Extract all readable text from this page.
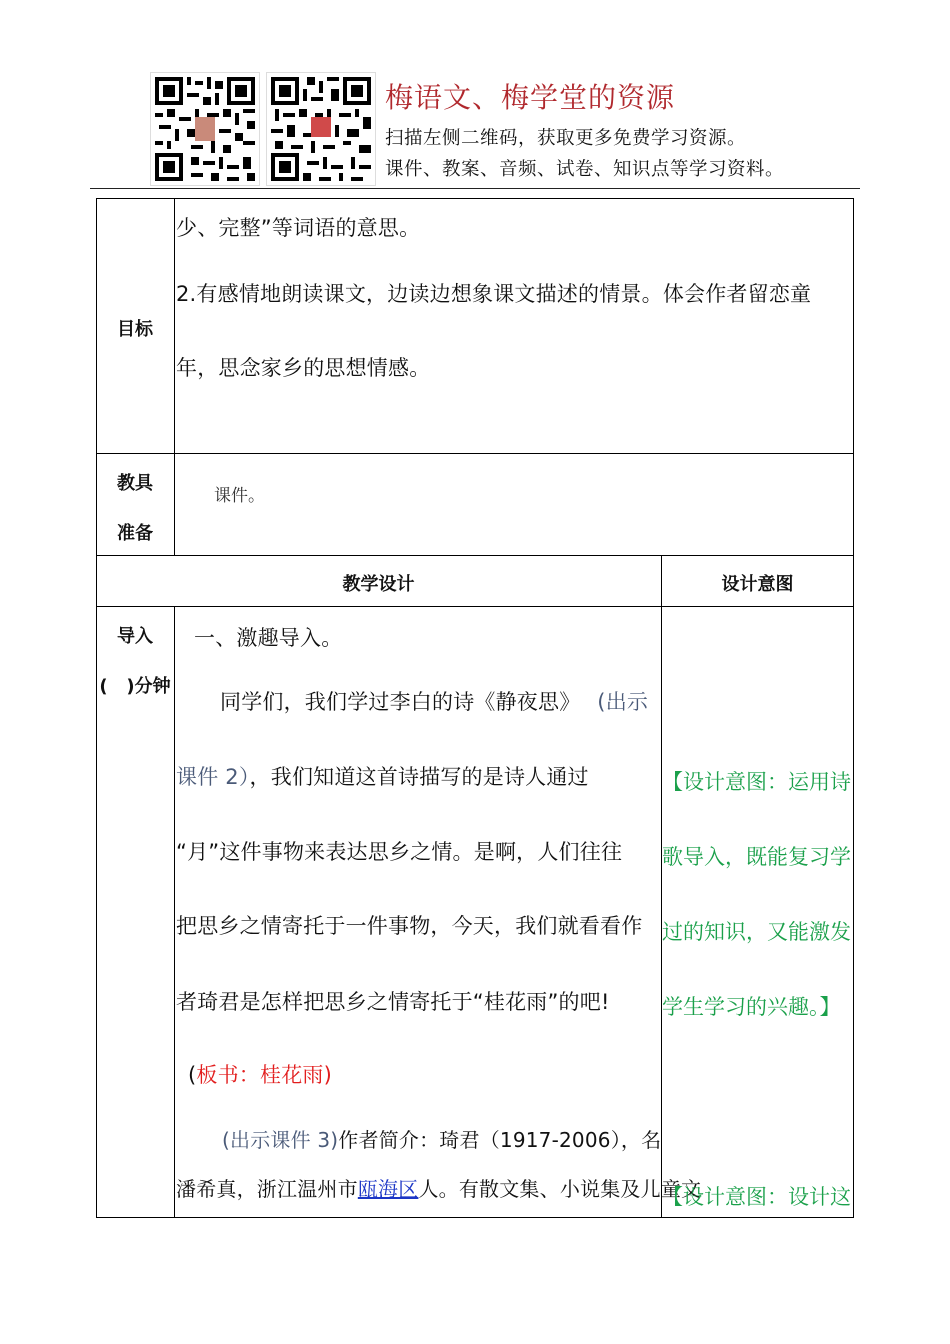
梅语文、梅学堂的资源
扫描左侧二维码，获取更多免费学习资源。
课件、教案、音频、试卷、知识点等学习资料。
目标
少、完整”等词语的意思。
2.有感情地朗读课文，边读边想象课文描述的情景。体会作者留恋童
年，思念家乡的思想情感。
教具
准备
课件。
教学设计	设计意图
导入
(   )分钟
一、激趣导入。
同学们，我们学过李白的诗《静夜思》 (出示
课件 2），我们知道这首诗描写的是诗人通过
“月”这件事物来表达思乡之情。是啊，人们往往
把思乡之情寄托于一件事物，今天，我们就看看作
者琦君是怎样把思乡之情寄托于“桂花雨”的吧!
(板书：桂花雨)
(出示课件 3)作者简介：琦君（1917-2006），名
潘希真，浙江温州市瓯海区人。有散文集、小说集及儿童文
【设计意图：运用诗
歌导入，既能复习学
过的知识，又能激发
学生学习的兴趣。】
【设计意图：设计这
